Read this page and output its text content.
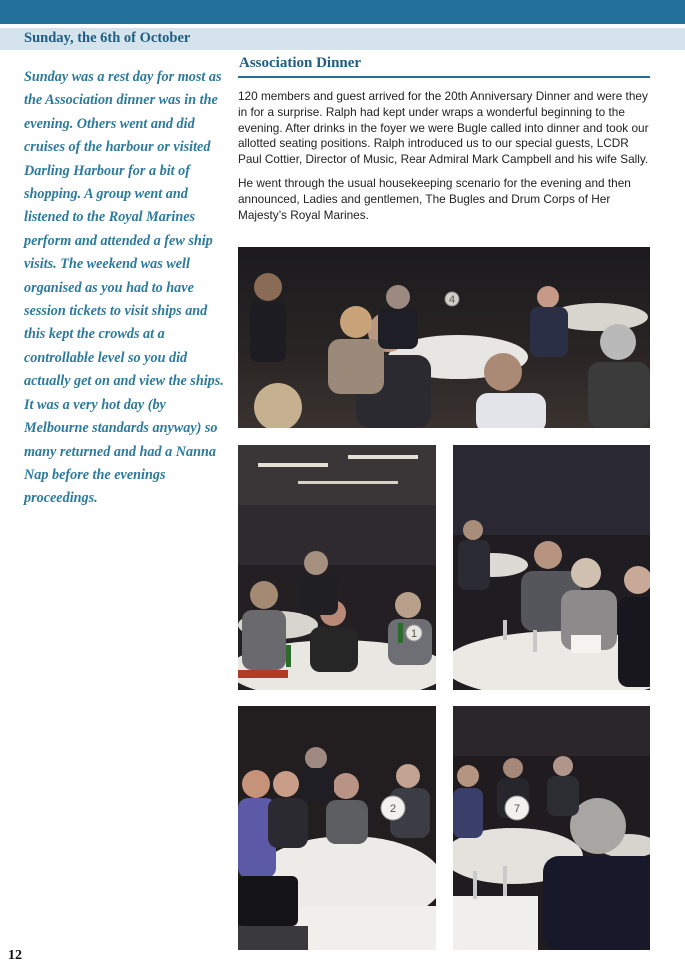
Sunday, the 6th of October

Sunday was a rest day for most as the Association dinner was in the evening. Others went and did cruises of the harbour or visited Darling Harbour for a bit of shopping. A group went and listened to the Royal Marines perform and attended a few ship visits. The weekend was well organised as you had to have session tickets to visit ships and this kept the crowds at a controllable level so you did actually get on and view the ships. It was a very hot day (by Melbourne standards anyway) so many returned and had a Nanna Nap before the evenings proceedings.

Association Dinner

120 members and guest arrived for the 20th Anniversary Dinner and were they in for a surprise. Ralph had kept under wraps a wonderful beginning to the evening. After drinks in the foyer we were Bugle called into dinner and took our allotted seating positions. Ralph introduced us to our special guests, LCDR Paul Cottier, Director of Music, Rear Admiral Mark Campbell and his wife Sally.

He went through the usual housekeeping scenario for the evening and then announced, Ladies and gentlemen, The Bugles and Drum Corps of Her Majesty’s Royal Marines.

4
1
2	7
12
